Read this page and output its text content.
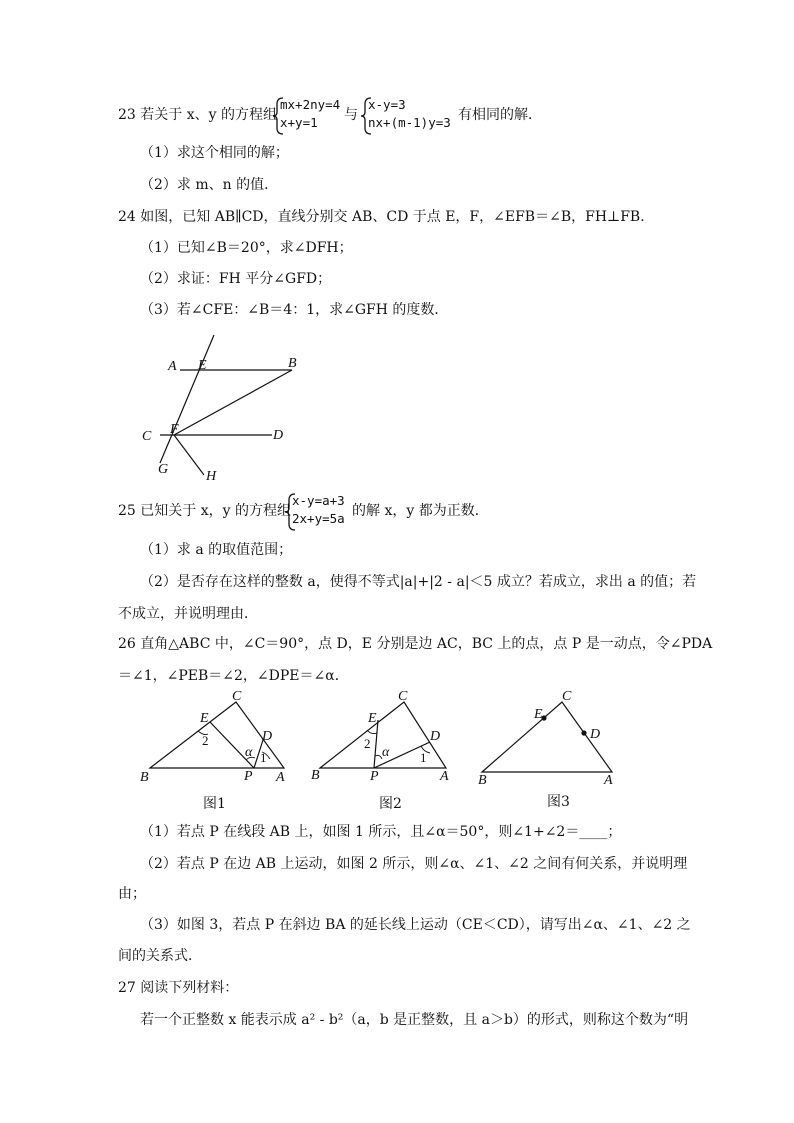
23 若关于 x、y 的方程组
mx+2ny=4
x+y=1	与
x-y=3
nx+(m-1)y=3 有相同的解．
（1）求这个相同的解；
（2）求 m、n 的值．
24 如图，已知 AB∥CD，直线分别交 AB、CD 于点 E，F，∠EFB＝∠B，FH⊥FB．
（1）已知∠B＝20°，求∠DFH；
（2）求证：FH 平分∠GFD；
（3）若∠CFE：∠B＝4：1，求∠GFH 的度数．
A E	B
C F	D
G	H
25 已知关于 x，y 的方程组
x-y=a+3
2x+y=5a 的解 x，y 都为正数．
（1）求 a 的取值范围；
（2）是否存在这样的整数 a，使得不等式|a|+|2 - a|＜5 成立？若成立，求出 a 的值；若
不成立，并说明理由．
26 直角△ABC 中，∠C＝90°，点 D，E 分别是边 AC，BC 上的点，点 P 是一动点，令∠PDA
＝∠1，∠PEB＝∠2，∠DPE＝∠α．
C
E
D
B	P A
2
α 1
图1
C
E
D
B	P	A
2
α 1
图2
C
E
D
B	A
图3
（1）若点 P 在线段 AB 上，如图 1 所示，且∠α＝50°，则∠1+∠2＝____；
（2）若点 P 在边 AB 上运动，如图 2 所示，则∠α、∠1、∠2 之间有何关系，并说明理
由；
（3）如图 3，若点 P 在斜边 BA 的延长线上运动（CE＜CD），请写出∠α、∠1、∠2 之
间的关系式．
27 阅读下列材料：
若一个正整数 x 能表示成 a² - b²（a，b 是正整数，且 a＞b）的形式，则称这个数为“明
